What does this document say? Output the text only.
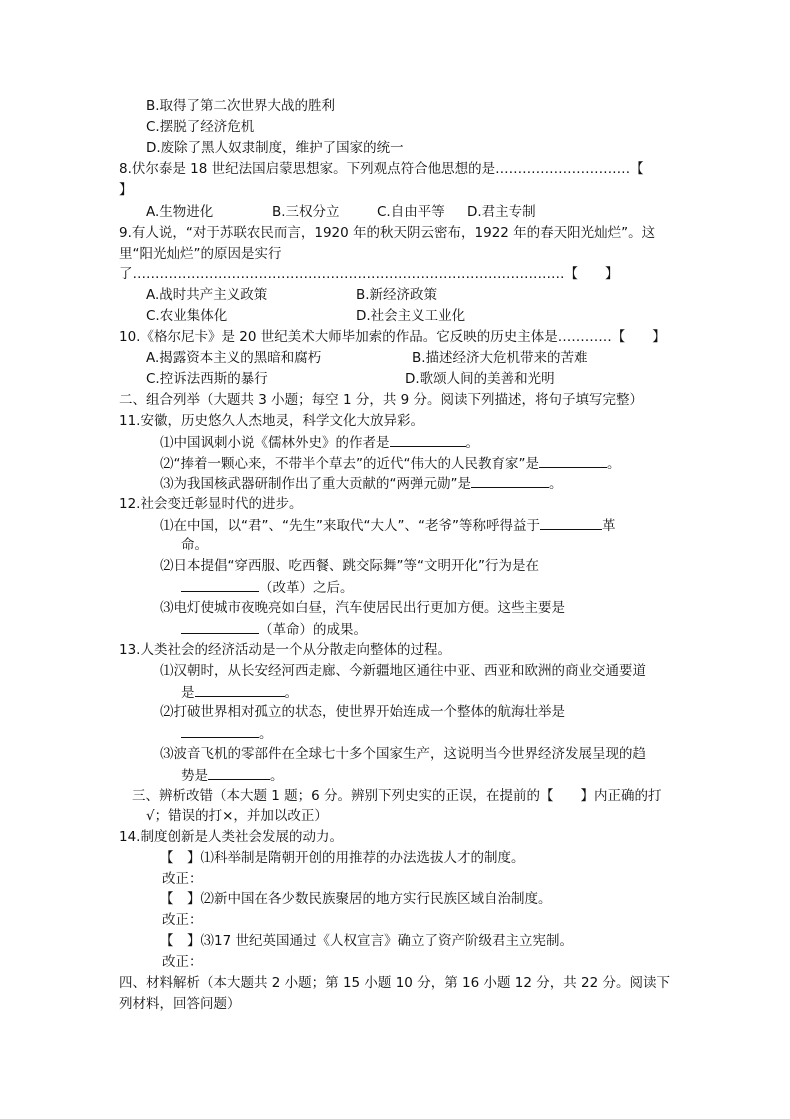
B.取得了第二次世界大战的胜利
C.摆脱了经济危机
D.废除了黑人奴隶制度，维护了国家的统一
8.伏尔泰是 18 世纪法国启蒙思想家。下列观点符合他思想的是…………………………【
】
A.生物进化	B.三权分立	C.自由平等 D.君主专制
9.有人说，“对于苏联农民而言，1920 年的秋天阴云密布，1922 年的春天阳光灿烂”。这
里“阳光灿烂”的原因是实行
了……………………………………………………………………………………【　　】
A.战时共产主义政策	B.新经济政策
C.农业集体化	D.社会主义工业化
10.《格尔尼卡》是 20 世纪美术大师毕加索的作品。它反映的历史主体是…………【　　】
A.揭露资本主义的黑暗和腐朽	B.描述经济大危机带来的苦难
C.控诉法西斯的暴行	D.歌颂人间的美善和光明
二、组合列举（大题共 3 小题；每空 1 分，共 9 分。阅读下列描述，将句子填写完整）
11.安徽，历史悠久人杰地灵，科学文化大放异彩。
⑴中国讽刺小说《儒林外史》的作者是	。
⑵“捧着一颗心来，不带半个草去”的近代“伟大的人民教育家”是	。
⑶为我国核武器研制作出了重大贡献的“两弹元勋”是	。
12.社会变迁彰显时代的进步。
⑴在中国，以“君”、“先生”来取代“大人”、“老爷”等称呼得益于	革
命。
⑵日本提倡“穿西服、吃西餐、跳交际舞”等“文明开化”行为是在
（改革）之后。
⑶电灯使城市夜晚亮如白昼，汽车使居民出行更加方便。这些主要是
（革命）的成果。
13.人类社会的经济活动是一个从分散走向整体的过程。
⑴汉朝时，从长安经河西走廊、今新疆地区通往中亚、西亚和欧洲的商业交通要道
是	。
⑵打破世界相对孤立的状态，使世界开始连成一个整体的航海壮举是
。
⑶波音飞机的零部件在全球七十多个国家生产，这说明当今世界经济发展呈现的趋
势是	。
三、辨析改错（本大题 1 题；6 分。辨别下列史实的正误，在提前的【　　】内正确的打
√；错误的打×，并加以改正）
14.制度创新是人类社会发展的动力。
【　】⑴科举制是隋朝开创的用推荐的办法选拔人才的制度。
改正：
【　】⑵新中国在各少数民族聚居的地方实行民族区域自治制度。
改正：
【　】⑶17 世纪英国通过《人权宣言》确立了资产阶级君主立宪制。
改正：
四、材料解析（本大题共 2 小题；第 15 小题 10 分，第 16 小题 12 分，共 22 分。阅读下
列材料，回答问题）
